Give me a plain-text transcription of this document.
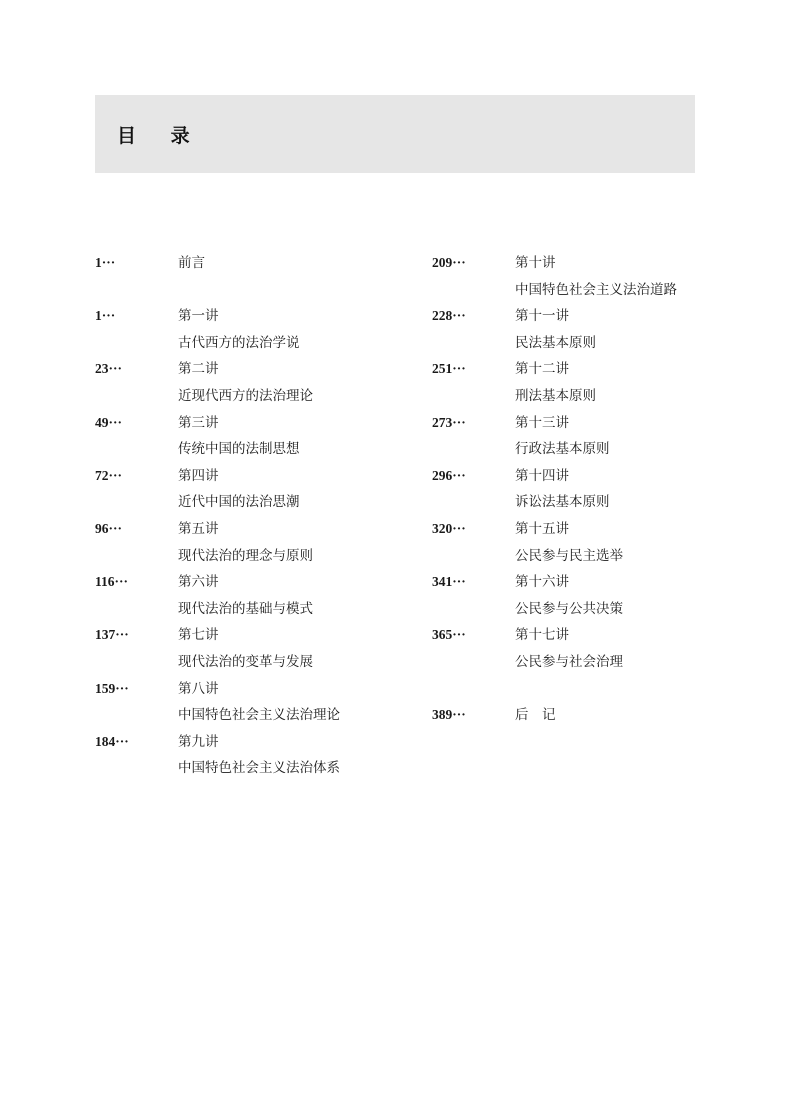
目 录
1···	前言
1···	第一讲
古代西方的法治学说
23···	第二讲
近现代西方的法治理论
49···	第三讲
传统中国的法制思想
72···	第四讲
近代中国的法治思潮
96···	第五讲
现代法治的理念与原则
116···	第六讲
现代法治的基础与模式
137···	第七讲
现代法治的变革与发展
159···	第八讲
中国特色社会主义法治理论
184···	第九讲
中国特色社会主义法治体系
209···	第十讲
中国特色社会主义法治道路
228···	第十一讲
民法基本原则
251···	第十二讲
刑法基本原则
273···	第十三讲
行政法基本原则
296···	第十四讲
诉讼法基本原则
320···	第十五讲
公民参与民主选举
341···	第十六讲
公民参与公共决策
365···	第十七讲
公民参与社会治理
389···	后　记
